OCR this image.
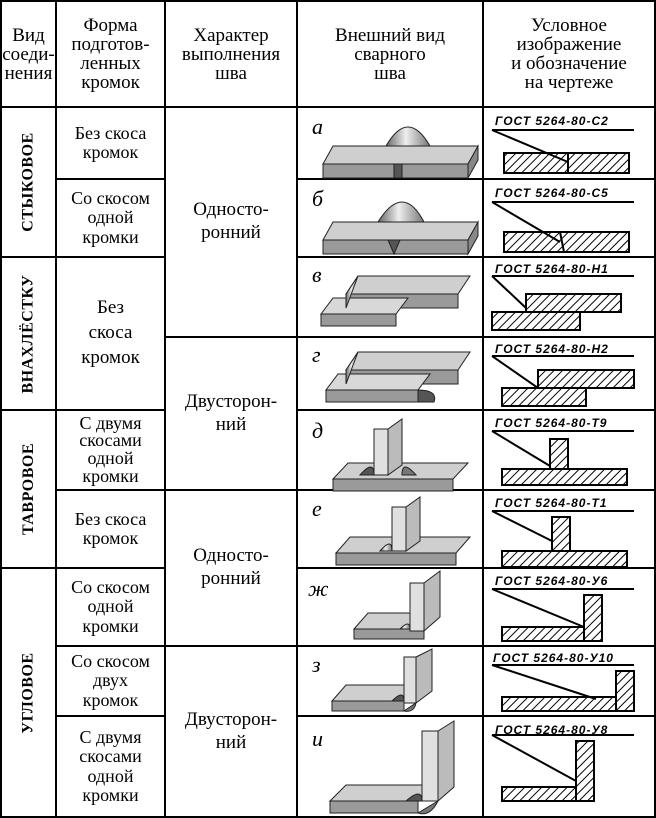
Вид
соеди-
нения
Форма
подготов-
ленных
кромок
Характер
выполнения
шва
Внешний вид
сварного
шва
Условное
изображение
и обозначение
на чертеже
СТЫКОВОЕ
ВНАХЛЁСТКУ
ТАВРОВОЕ
УГЛОВОЕ
Без скоса
кромок
Со скосом
одной
кромки
Без
скоса
кромок
С двумя
скосами
одной
кромки
Без скоса
кромок
Со скосом
одной
кромки
Со скосом
двух
кромок
С двумя
скосами
одной
кромки
Односто-
ронний
Двусторон-
ний
Односто-
ронний
Двусторон-
ний
а
б
в
г
д
е
ж
з
и
ГОСТ 5264-80-С2
ГОСТ 5264-80-С5
ГОСТ 5264-80-Н1
ГОСТ 5264-80-Н2
ГОСТ 5264-80-Т9
ГОСТ 5264-80-Т1
ГОСТ 5264-80-У6
ГОСТ 5264-80-У10
ГОСТ 5264-80-У8
